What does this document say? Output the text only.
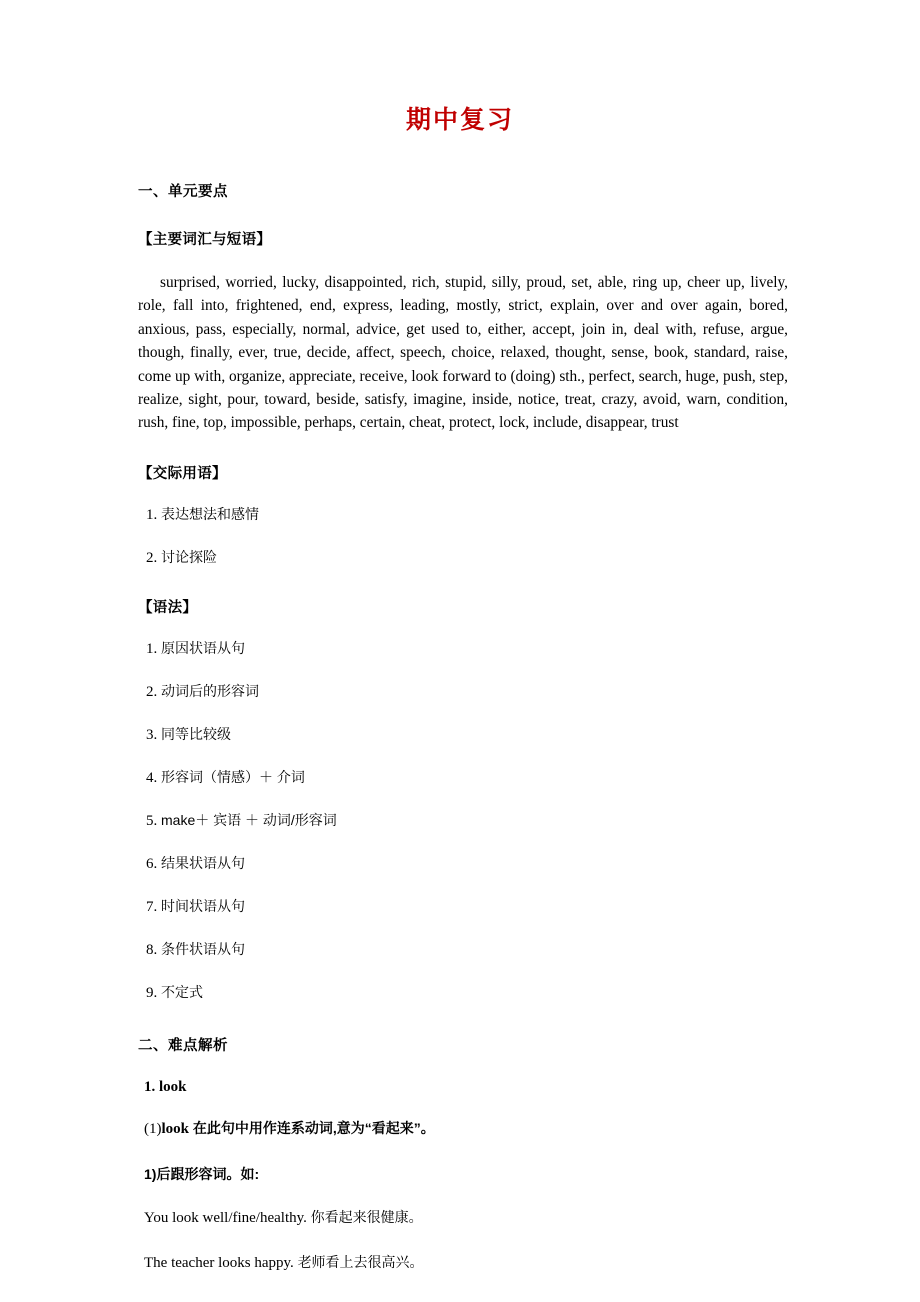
期中复习
一、单元要点
【主要词汇与短语】
surprised, worried, lucky, disappointed, rich, stupid, silly, proud, set, able, ring up, cheer up, lively, role, fall into, frightened, end, express, leading, mostly, strict, explain, over and over again, bored, anxious, pass, especially, normal, advice, get used to, either, accept, join in, deal with, refuse, argue, though, finally, ever, true, decide, affect, speech, choice, relaxed, thought, sense, book, standard, raise, come up with, organize, appreciate, receive, look forward to (doing) sth., perfect, search, huge, push, step, realize, sight, pour, toward, beside, satisfy, imagine, inside, notice, treat, crazy, avoid, warn, condition, rush, fine, top, impossible, perhaps, certain, cheat, protect, lock, include, disappear, trust
【交际用语】
1. 表达想法和感情
2. 讨论探险
【语法】
1. 原因状语从句
2. 动词后的形容词
3. 同等比较级
4. 形容词（情感）＋ 介词
5. make＋ 宾语 ＋ 动词/形容词
6. 结果状语从句
7. 时间状语从句
8. 条件状语从句
9. 不定式
二、难点解析
1. look
(1)look 在此句中用作连系动词,意为“看起来”。
1)后跟形容词。如:
You look well/fine/healthy. 你看起来很健康。
The teacher looks happy. 老师看上去很高兴。
